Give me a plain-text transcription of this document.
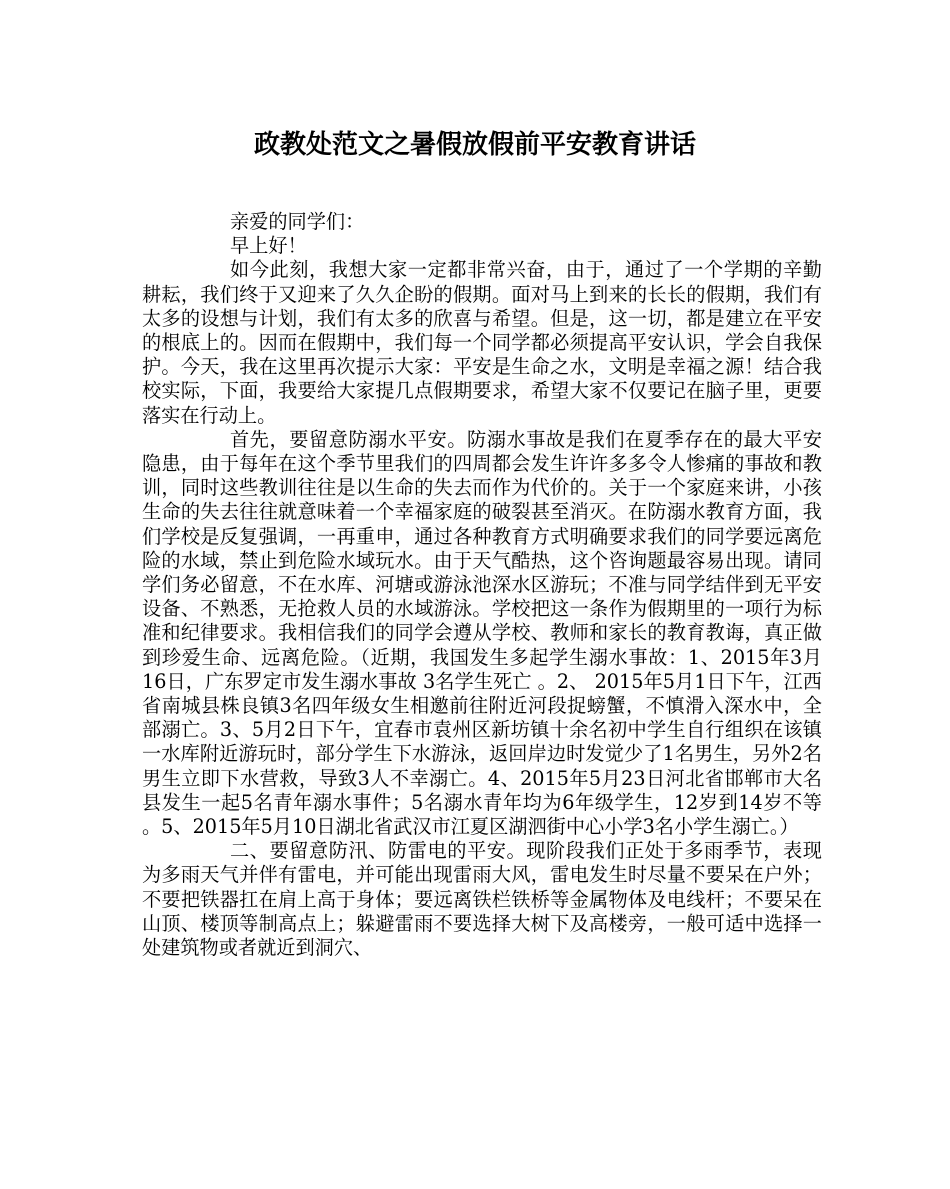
政教处范文之暑假放假前平安教育讲话

亲爱的同学们：

早上好！

如今此刻，我想大家一定都非常兴奋，由于，通过了一个学期的辛勤耕耘，我们终于又迎来了久久企盼的假期。面对马上到来的长长的假期，我们有太多的设想与计划，我们有太多的欣喜与希望。但是，这一切，都是建立在平安的根底上的。因而在假期中，我们每一个同学都必须提高平安认识，学会自我保护。今天，我在这里再次提示大家：平安是生命之水，文明是幸福之源！结合我校实际，下面，我要给大家提几点假期要求，希望大家不仅要记在脑子里，更要落实在行动上。

首先，要留意防溺水平安。防溺水事故是我们在夏季存在的最大平安隐患，由于每年在这个季节里我们的四周都会发生许许多多令人惨痛的事故和教训，同时这些教训往往是以生命的失去而作为代价的。关于一个家庭来讲，小孩生命的失去往往就意味着一个幸福家庭的破裂甚至消灭。在防溺水教育方面，我们学校是反复强调，一再重申，通过各种教育方式明确要求我们的同学要远离危险的水域，禁止到危险水域玩水。由于天气酷热，这个咨询题最容易出现。请同学们务必留意，不在水库、河塘或游泳池深水区游玩；不准与同学结伴到无平安设备、不熟悉，无抢救人员的水域游泳。学校把这一条作为假期里的一项行为标准和纪律要求。我相信我们的同学会遵从学校、教师和家长的教育教诲，真正做到珍爱生命、远离危险。（近期，我国发生多起学生溺水事故：1、2015年3月16日，广东罗定市发生溺水事故 3名学生死亡 。2、 2015年5月1日下午，江西省南城县株良镇3名四年级女生相邀前往附近河段捉螃蟹，不慎滑入深水中，全部溺亡。3、5月2日下午，宜春市袁州区新坊镇十余名初中学生自行组织在该镇一水库附近游玩时，部分学生下水游泳，返回岸边时发觉少了1名男生，另外2名男生立即下水营救，导致3人不幸溺亡。4、2015年5月23日河北省邯郸市大名县发生一起5名青年溺水事件；5名溺水青年均为6年级学生，12岁到14岁不等 。5、2015年5月10日湖北省武汉市江夏区湖泗街中心小学3名小学生溺亡。）

二、要留意防汛、防雷电的平安。现阶段我们正处于多雨季节，表现为多雨天气并伴有雷电，并可能出现雷雨大风，雷电发生时尽量不要呆在户外；不要把铁器扛在肩上高于身体；要远离铁栏铁桥等金属物体及电线杆；不要呆在山顶、楼顶等制高点上；躲避雷雨不要选择大树下及高楼旁，一般可适中选择一处建筑物或者就近到洞穴、
